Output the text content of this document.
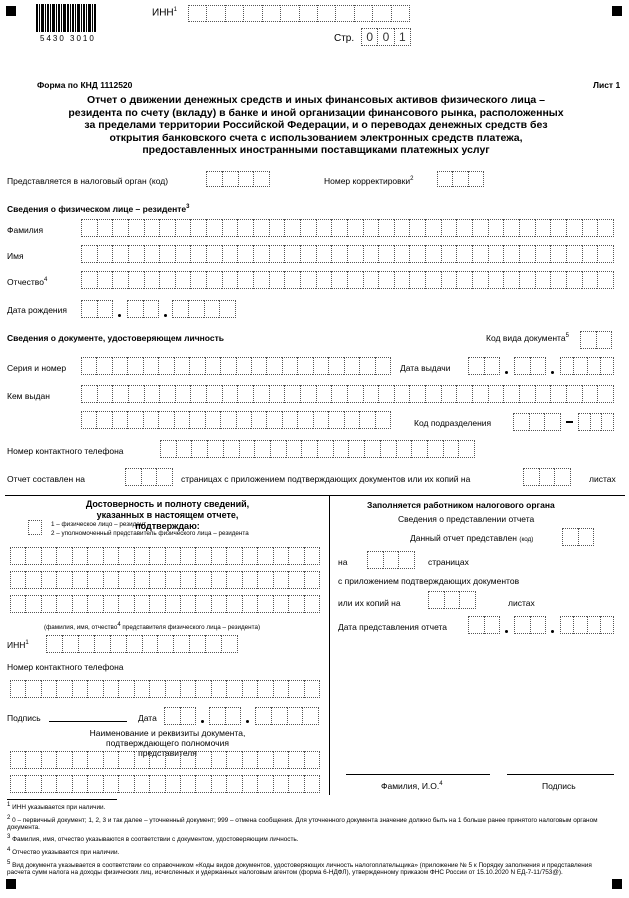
5430 3010
ИНН$^1$
Стр.	0 0 1
Форма по КНД 1112520	Лист 1
Отчет о движении денежных средств и иных финансовых активов физического лица – резидента по счету (вкладу) в банке и иной организации финансового рынка, расположенных за пределами территории Российской Федерации, и о переводах денежных средств без открытия банковского счета с использованием электронных средств платежа, предоставленных иностранными поставщиками платежных услуг
Представляется в налоговый орган (код)	Номер корректировки$^2$
Сведения о физическом лице – резиденте$^3$
Фамилия
Имя
Отчество$^4$
Дата рождения
Сведения о документе, удостоверяющем личность	Код вида документа$^5$
Серия и номер	Дата выдачи
Кем выдан
Код подразделения
Номер контактного телефона
Отчет составлен на	страницах с приложением подтверждающих документов или их копий на	листах
Достоверность и полноту сведений, указанных в настоящем отчете, подтверждаю:
1 – физическое лицо – резидент
2 – уполномоченный представитель физического лица – резидента
(фамилия, имя, отчество$^4$ представителя физического лица – резидента)
ИНН$^1$
Номер контактного телефона
Подпись	Дата
Наименование и реквизиты документа, подтверждающего полномочия представителя
Заполняется работником налогового органа
Сведения о представлении отчета
Данный отчет представлен (код)
на	страницах
с приложением подтверждающих документов
или их копий на	листах
Дата представления отчета
Фамилия, И.О.$^4$	Подпись
$^1$ ИНН указывается при наличии.
$^2$ 0 – первичный документ; 1, 2, 3 и так далее – уточненный документ; 999 – отмена сообщения. Для уточненного документа значение должно быть на 1 больше ранее принятого налоговым органом документа.
$^3$ Фамилия, имя, отчество указываются в соответствии с документом, удостоверяющим личность.
$^4$ Отчество указывается при наличии.
$^5$ Вид документа указывается в соответствии со справочником «Коды видов документов, удостоверяющих личность налогоплательщика» (приложение № 5 к Порядку заполнения и представления расчета сумм налога на доходы физических лиц, исчисленных и удержанных налоговым агентом (форма 6-НДФЛ), утвержденному приказом ФНС России от 15.10.2020 N ЕД-7-11/753@).
